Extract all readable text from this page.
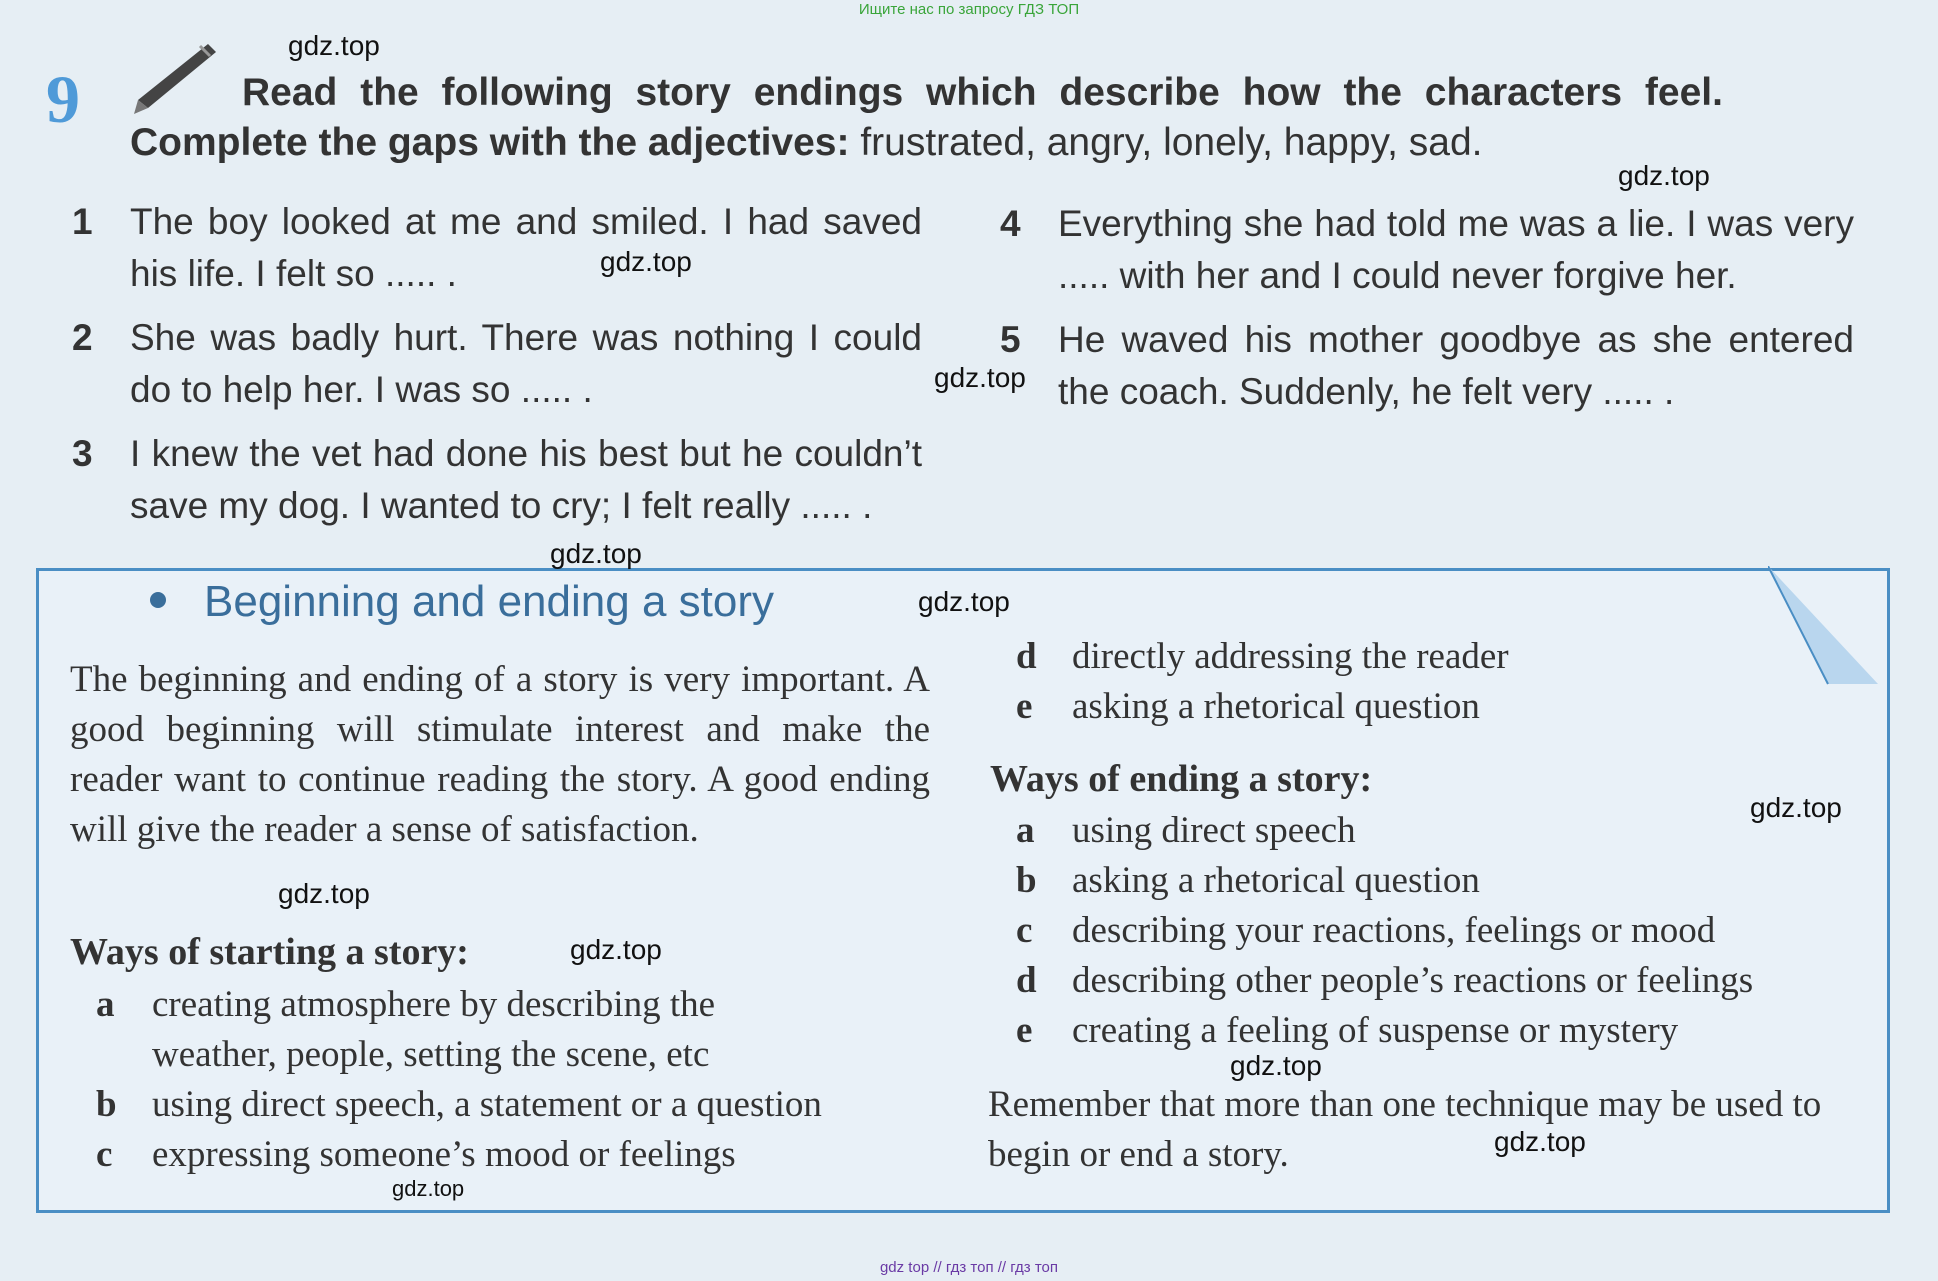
Ищите нас по запросу ГДЗ ТОП
9	Read the following story endings which describe how the characters feel.
Complete the gaps with the adjectives: frustrated, angry, lonely, happy, sad.
1 The boy looked at me and smiled. I had saved his life. I felt so ..... .
2 She was badly hurt. There was nothing I could do to help her. I was so ..... .
3 I knew the vet had done his best but he couldn’t save my dog. I wanted to cry; I felt really ..... .
4 Everything she had told me was a lie. I was very ..... with her and I could never forgive her.
5 He waved his mother goodbye as she entered the coach. Suddenly, he felt very ..... .
Beginning and ending a story
The beginning and ending of a story is very important. A good beginning will stimulate interest and make the reader want to continue reading the story. A good ending will give the reader a sense of satisfaction.
Ways of starting a story:
a creating atmosphere by describing the weather, people, setting the scene, etc
b using direct speech, a statement or a question
c expressing someone’s mood or feelings
d directly addressing the reader
e asking a rhetorical question
Ways of ending a story:
a using direct speech
b asking a rhetorical question
c describing your reactions, feelings or mood
d describing other people’s reactions or feelings
e creating a feeling of suspense or mystery
Remember that more than one technique may be used to begin or end a story.
gdz.top
gdz.top
gdz.top
gdz.top
gdz.top
gdz.top
gdz.top
gdz.top
gdz.top
gdz.top
gdz.top
gdz.top
gdz top // гдз топ // гдз топ
